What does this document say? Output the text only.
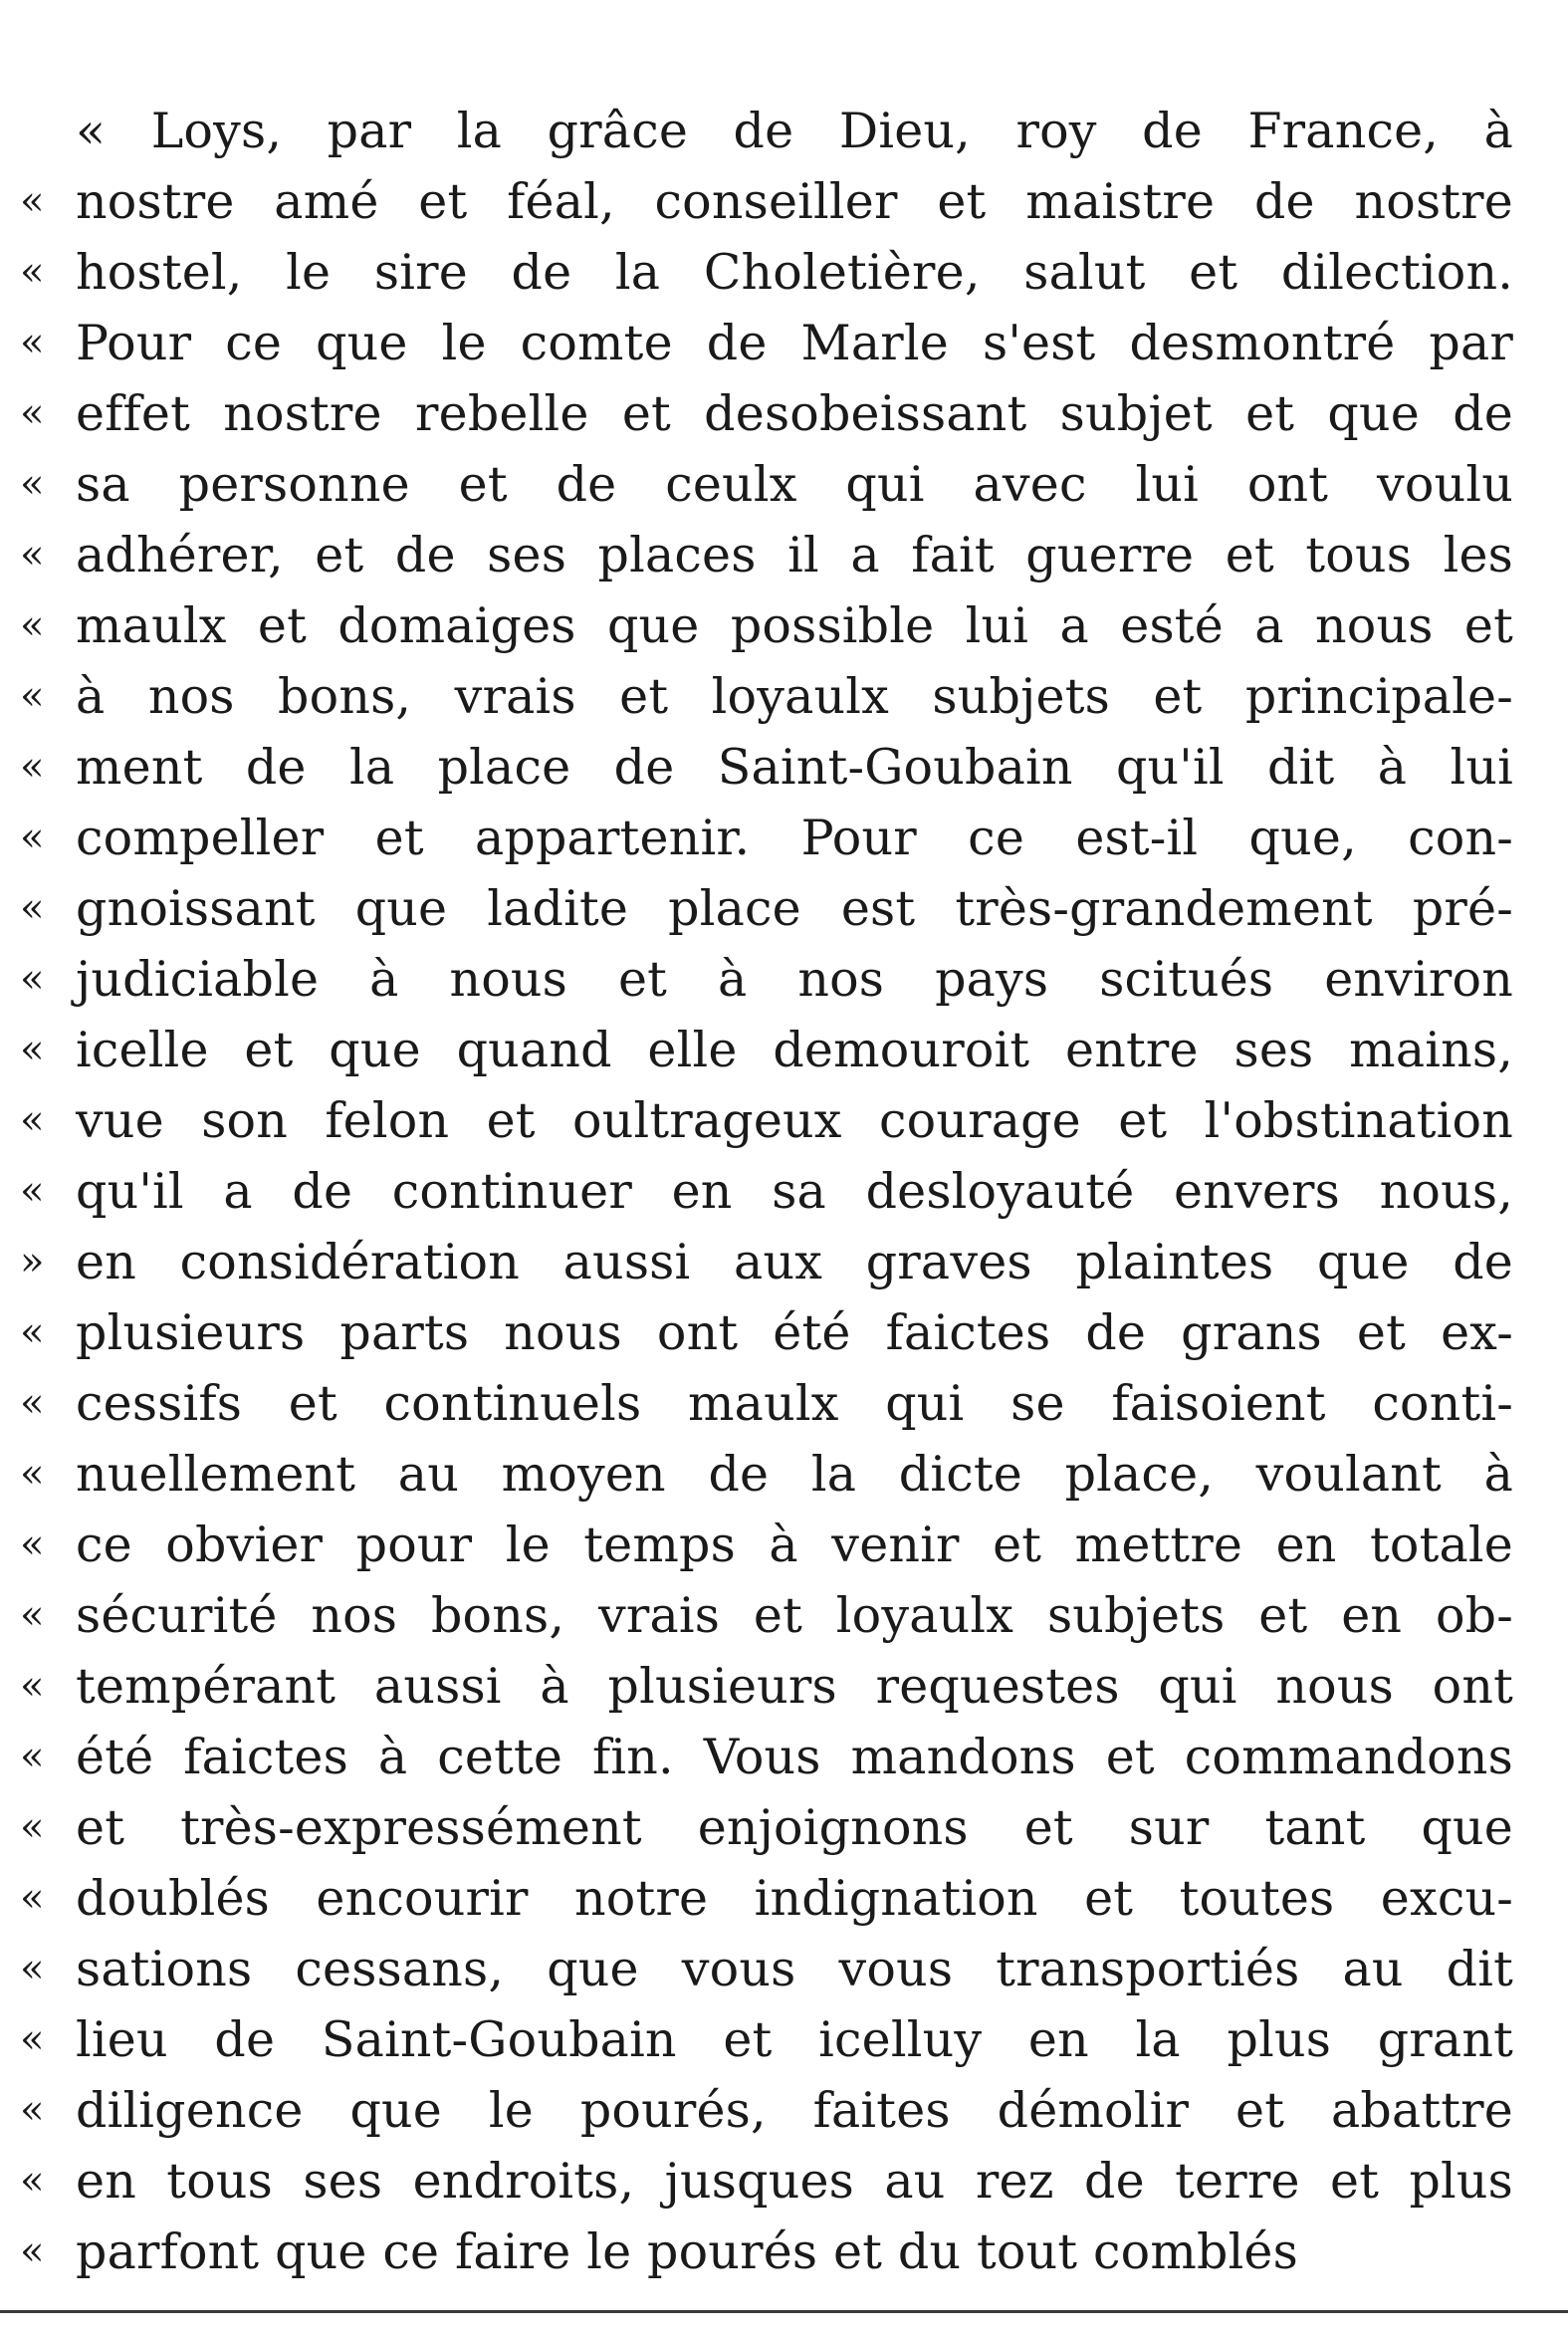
« Loys, par la grâce de Dieu, roy de France, à
« nostre amé et féal, conseiller et maistre de nostre
« hostel, le sire de la Choletière, salut et dilection.
« Pour ce que le comte de Marle s'est desmontré par
« effet nostre rebelle et desobeissant subjet et que de
« sa personne et de ceulx qui avec lui ont voulu
« adhérer, et de ses places il a fait guerre et tous les
« maulx et domaiges que possible lui a esté a nous et
« à nos bons, vrais et loyaulx subjets et principale-
« ment de la place de Saint-Goubain qu'il dit à lui
« compeller et appartenir. Pour ce est-il que, con-
« gnoissant que ladite place est très-grandement pré-
« judiciable à nous et à nos pays scitués environ
« icelle et que quand elle demouroit entre ses mains,
« vue son felon et oultrageux courage et l'obstination
« qu'il a de continuer en sa desloyauté envers nous,
» en considération aussi aux graves plaintes que de
« plusieurs parts nous ont été faictes de grans et ex-
« cessifs et continuels maulx qui se faisoient conti-
« nuellement au moyen de la dicte place, voulant à
« ce obvier pour le temps à venir et mettre en totale
« sécurité nos bons, vrais et loyaulx subjets et en ob-
« tempérant aussi à plusieurs requestes qui nous ont
« été faictes à cette fin. Vous mandons et commandons
« et très-expressément enjoignons et sur tant que
« doublés encourir notre indignation et toutes excu-
« sations cessans, que vous vous transportiés au dit
« lieu de Saint-Goubain et icelluy en la plus grant
« diligence que le pourés, faites démolir et abattre
« en tous ses endroits, jusques au rez de terre et plus
« parfont que ce faire le pourés et du tout comblés
